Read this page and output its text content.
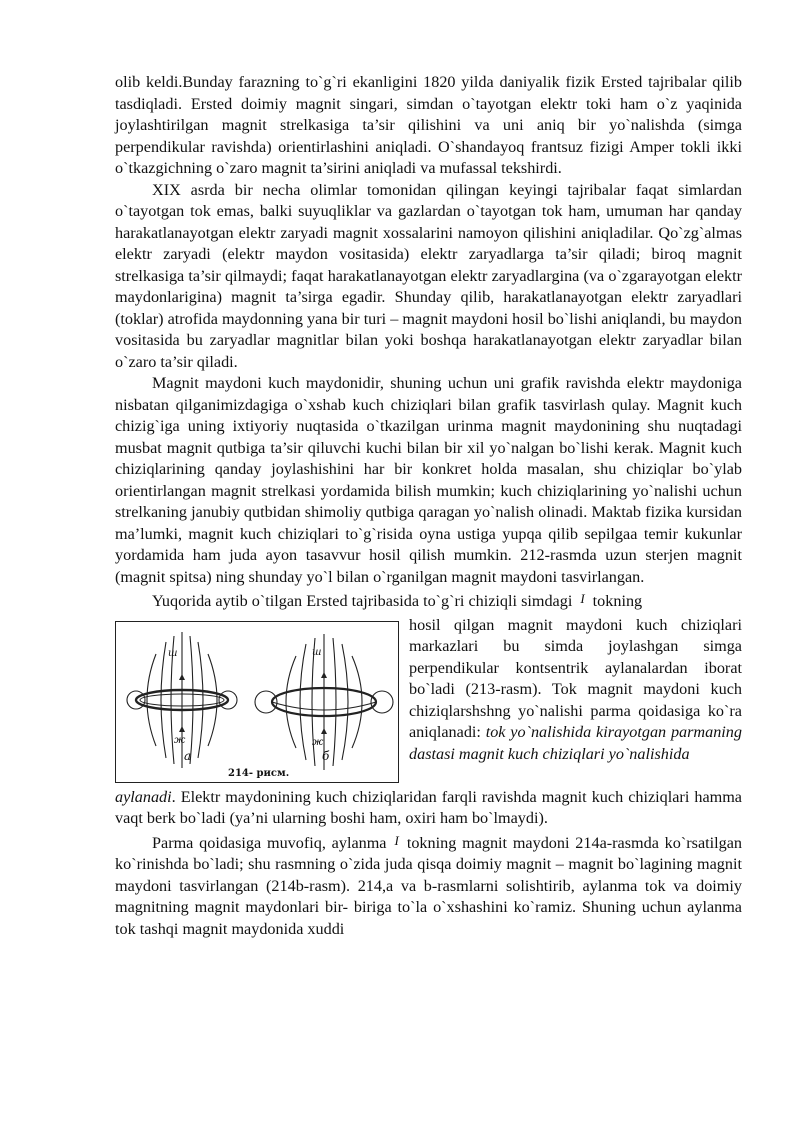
olib keldi.Bunday farazning to`g`ri ekanligini 1820 yilda daniyalik fizik Ersted tajribalar qilib tasdiqladi. Ersted doimiy magnit singari, simdan o`tayotgan elektr toki ham o`z yaqinida joylashtirilgan magnit strelkasiga ta’sir qilishini va uni aniq bir yo`nalishda (simga perpendikular ravishda) orientirlashini aniqladi. O`shandayoq frantsuz fizigi Amper tokli ikki o`tkazgichning o`zaro magnit ta’sirini aniqladi va mufassal tekshirdi.

XIX asrda bir necha olimlar tomonidan qilingan keyingi tajribalar faqat simlardan o`tayotgan tok emas, balki suyuqliklar va gazlardan o`tayotgan tok ham, umuman har qanday harakatlanayotgan elektr zaryadi magnit xossalarini namoyon qilishini aniqladilar. Qo`zg`almas elektr zaryadi (elektr maydon vositasida) elektr zaryadlarga ta’sir qiladi; biroq magnit strelkasiga ta’sir qilmaydi; faqat harakatlanayotgan elektr zaryadlargina (va o`zgarayotgan elektr maydonlarigina) magnit ta’sirga egadir. Shunday qilib, harakatlanayotgan elektr zaryadlari (toklar) atrofida maydonning yana bir turi – magnit maydoni hosil bo`lishi aniqlandi, bu maydon vositasida bu zaryadlar magnitlar bilan yoki boshqa harakatlanayotgan elektr zaryadlar bilan o`zaro ta’sir qiladi.

Magnit maydoni kuch maydonidir, shuning uchun uni grafik ravishda elektr maydoniga nisbatan qilganimizdagiga o`xshab kuch chiziqlari bilan grafik tasvirlash qulay. Magnit kuch chizig`iga uning ixtiyoriy nuqtasida o`tkazilgan urinma magnit maydonining shu nuqtadagi musbat magnit qutbiga ta’sir qiluvchi kuchi bilan bir xil yo`nalgan bo`lishi kerak. Magnit kuch chiziqlarining qanday joylashishini har bir konkret holda masalan, shu chiziqlar bo`ylab orientirlangan magnit strelkasi yordamida bilish mumkin; kuch chiziqlarining yo`nalishi uchun strelkaning janubiy qutbidan shimoliy qutbiga qaragan yo`nalish olinadi. Maktab fizika kursidan ma’lumki, magnit kuch chiziqlari to`g`risida oyna ustiga yupqa qilib sepilgaa temir kukunlar yordamida ham juda ayon tasavvur hosil qilish mumkin. 212-rasmda uzun sterjen magnit (magnit spitsa) ning shunday yo`l bilan o`rganilgan magnit maydoni tasvirlangan.

Yuqorida aytib o`tilgan Ersted tajribasida to`g`ri chiziqli simdagi I tokning

ш
ж
ш
ж
а	б
214- рисм.

hosil qilgan magnit maydoni kuch chiziqlari markazlari bu simda joylashgan simga perpendikular kontsentrik aylanalardan iborat bo`ladi (213-rasm). Tok magnit maydoni kuch chiziqlarshshng yo`nalishi parma qoidasiga ko`ra aniqlanadi: tok yo`nalishida kirayotgan parmaning dastasi magnit kuch chiziqlari yo`nalishida

aylanadi. Elektr maydonining kuch chiziqlaridan farqli ravishda magnit kuch chiziqlari hamma vaqt berk bo`ladi (ya’ni ularning boshi ham, oxiri ham bo`lmaydi).

Parma qoidasiga muvofiq, aylanma I tokning magnit maydoni 214a-rasmda ko`rsatilgan ko`rinishda bo`ladi; shu rasmning o`zida juda qisqa doimiy magnit – magnit bo`lagining magnit maydoni tasvirlangan (214b-rasm). 214,a va b-rasmlarni solishtirib, aylanma tok va doimiy magnitning magnit maydonlari bir- biriga to`la o`xshashini ko`ramiz. Shuning uchun aylanma tok tashqi magnit maydonida xuddi
